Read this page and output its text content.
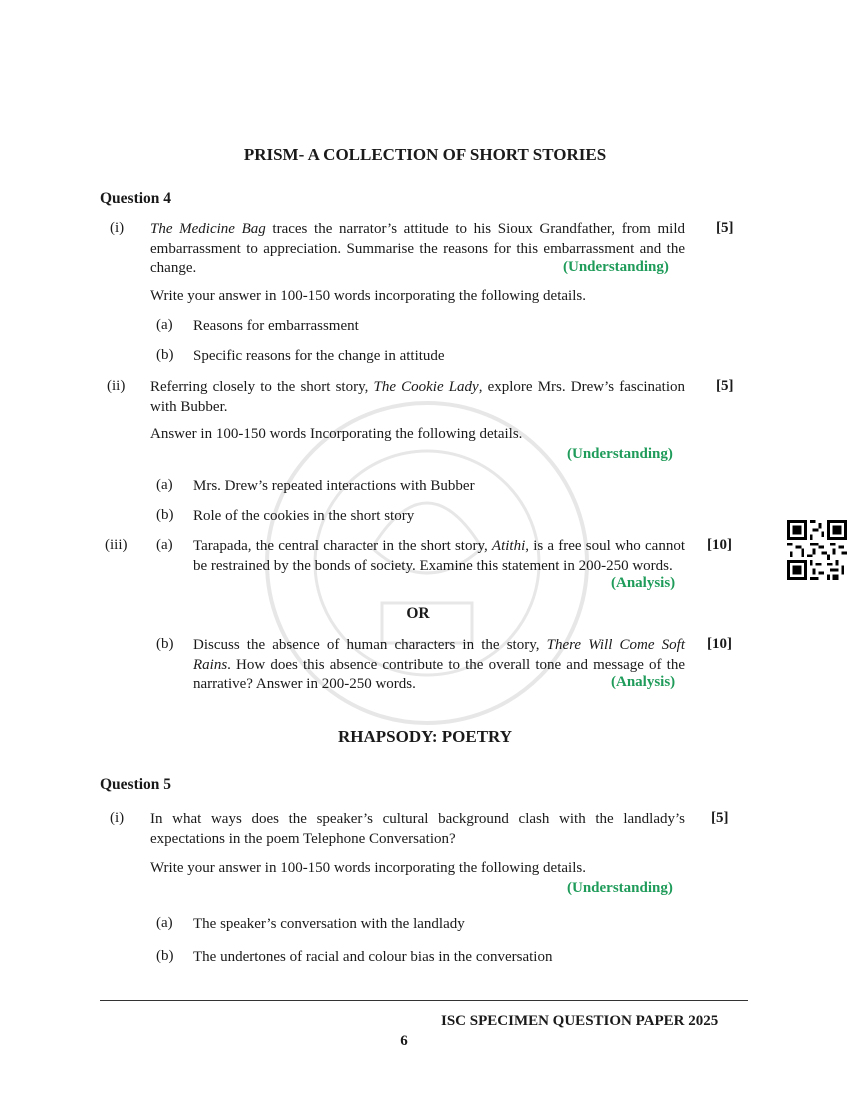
PRISM- A COLLECTION OF SHORT STORIES
Question 4
(i) The Medicine Bag traces the narrator’s attitude to his Sioux Grandfather, from mild embarrassment to appreciation. Summarise the reasons for this embarrassment and the change.	(Understanding)
[5]
Write your answer in 100-150 words incorporating the following details.
(a) Reasons for embarrassment
(b) Specific reasons for the change in attitude
(ii) Referring closely to the short story, The Cookie Lady, explore Mrs. Drew’s fascination with Bubber.
[5]
Answer in 100-150 words Incorporating the following details.
(Understanding)
(a) Mrs. Drew’s repeated interactions with Bubber
(b) Role of the cookies in the short story
(iii) (a) Tarapada, the central character in the short story, Atithi, is a free soul who cannot be restrained by the bonds of society. Examine this statement in 200-250 words.
(Analysis)
[10]
OR
(b) Discuss the absence of human characters in the story, There Will Come Soft Rains. How does this absence contribute to the overall tone and message of the narrative? Answer in 200-250 words.	(Analysis)
[10]
RHAPSODY: POETRY
Question 5
(i) In what ways does the speaker’s cultural background clash with the landlady’s expectations in the poem Telephone Conversation?
[5]
Write your answer in 100-150 words incorporating the following details.
(Understanding)
(a) The speaker’s conversation with the landlady
(b) The undertones of racial and colour bias in the conversation
ISC SPECIMEN QUESTION PAPER 2025
6
